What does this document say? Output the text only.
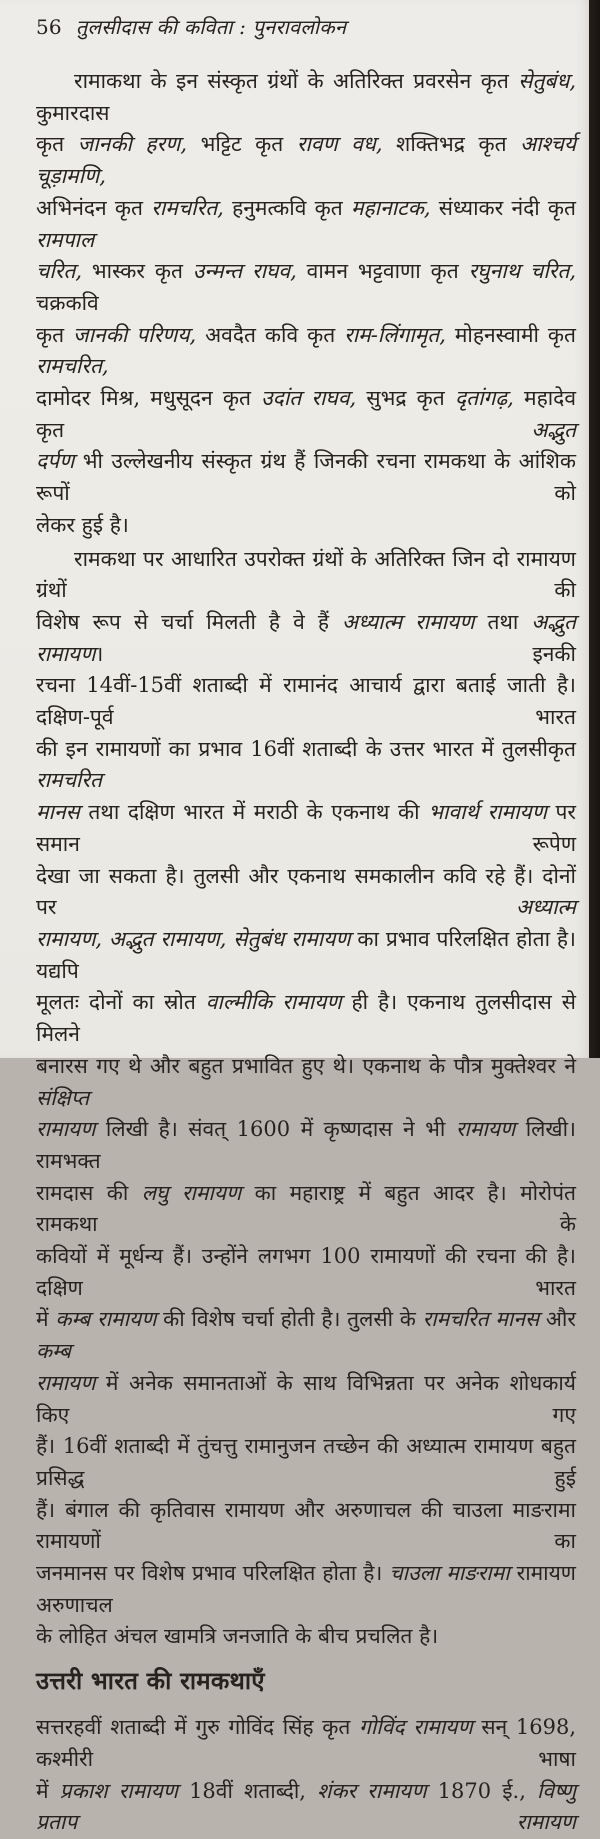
56 तुलसीदास की कविता : पुनरावलोकन
रामाकथा के इन संस्कृत ग्रंथों के अतिरिक्त प्रवरसेन कृत सेतुबंध, कुमारदास
कृत जानकी हरण, भट्टिट कृत रावण वध, शक्तिभद्र कृत आश्चर्य चूड़ामणि,
अभिनंदन कृत रामचरित, हनुमत्कवि कृत महानाटक, संध्याकर नंदी कृत रामपाल
चरित, भास्कर कृत उन्मन्त राघव, वामन भट्टवाणा कृत रघुनाथ चरित, चक्रकवि
कृत जानकी परिणय, अवदैत कवि कृत राम-लिंगामृत, मोहनस्वामी कृत रामचरित,
दामोदर मिश्र, मधुसूदन कृत उदांत राघव, सुभद्र कृत दृतांगढ़, महादेव कृत अद्भुत
दर्पण भी उल्लेखनीय संस्कृत ग्रंथ हैं जिनकी रचना रामकथा के आंशिक रूपों को
लेकर हुई है।
रामकथा पर आधारित उपरोक्त ग्रंथों के अतिरिक्त जिन दो रामायण ग्रंथों की
विशेष रूप से चर्चा मिलती है वे हैं अध्यात्म रामायण तथा अद्भुत रामायण। इनकी
रचना 14वीं-15वीं शताब्दी में रामानंद आचार्य द्वारा बताई जाती है। दक्षिण-पूर्व भारत
की इन रामायणों का प्रभाव 16वीं शताब्दी के उत्तर भारत में तुलसीकृत रामचरित
मानस तथा दक्षिण भारत में मराठी के एकनाथ की भावार्थ रामायण पर समान रूपेण
देखा जा सकता है। तुलसी और एकनाथ समकालीन कवि रहे हैं। दोनों पर अध्यात्म
रामायण, अद्भुत रामायण, सेतुबंध रामायण का प्रभाव परिलक्षित होता है। यद्यपि
मूलतः दोनों का स्रोत वाल्मीकि रामायण ही है। एकनाथ तुलसीदास से मिलने
बनारस गए थे और बहुत प्रभावित हुए थे। एकनाथ के पौत्र मुक्तेश्वर ने संक्षिप्त
रामायण लिखी है। संवत् 1600 में कृष्णदास ने भी रामायण लिखी। रामभक्त
रामदास की लघु रामायण का महाराष्ट्र में बहुत आदर है। मोरोपंत रामकथा के
कवियों में मूर्धन्य हैं। उन्होंने लगभग 100 रामायणों की रचना की है। दक्षिण भारत
में कम्ब रामायण की विशेष चर्चा होती है। तुलसी के रामचरित मानस और कम्ब
रामायण में अनेक समानताओं के साथ विभिन्नता पर अनेक शोधकार्य किए गए
हैं। 16वीं शताब्दी में तुंचत्तु रामानुजन तच्छेन की अध्यात्म रामायण बहुत प्रसिद्ध हुई
हैं। बंगाल की कृतिवास रामायण और अरुणाचल की चाउला माङरामा रामायणों का
जनमानस पर विशेष प्रभाव परिलक्षित होता है। चाउला माङरामा रामायण अरुणाचल
के लोहित अंचल खामत्रि जनजाति के बीच प्रचलित है।
उत्तरी भारत की रामकथाएँ
सत्तरहवीं शताब्दी में गुरु गोविंद सिंह कृत गोविंद रामायण सन् 1698, कश्मीरी भाषा
में प्रकाश रामायण 18वीं शताब्दी, शंकर रामायण 1870 ई., विष्णु प्रताप रामायण
